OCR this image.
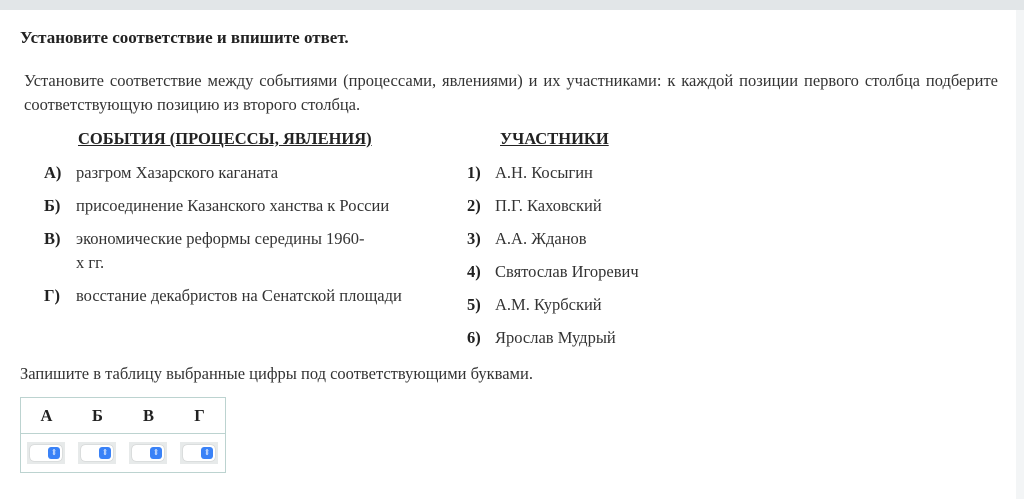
Установите соответствие и впишите ответ.
Установите соответствие между событиями (процессами, явлениями) и их участниками: к каждой позиции первого столбца подберите соответствующую позицию из второго столбца.
СОБЫТИЯ (ПРОЦЕССЫ, ЯВЛЕНИЯ)	УЧАСТНИКИ
А) разгром Хазарского каганата
Б) присоединение Казанского ханства к России
В) экономические реформы середины 1960-х гг.
Г) восстание декабристов на Сенатской площади
1) А.Н. Косыгин
2) П.Г. Каховский
3) А.А. Жданов
4) Святослав Игоревич
5) А.М. Курбский
6) Ярослав Мудрый
Запишите в таблицу выбранные цифры под соответствующими буквами.
А	Б	В	Г

⇕	⇕	⇕	⇕
